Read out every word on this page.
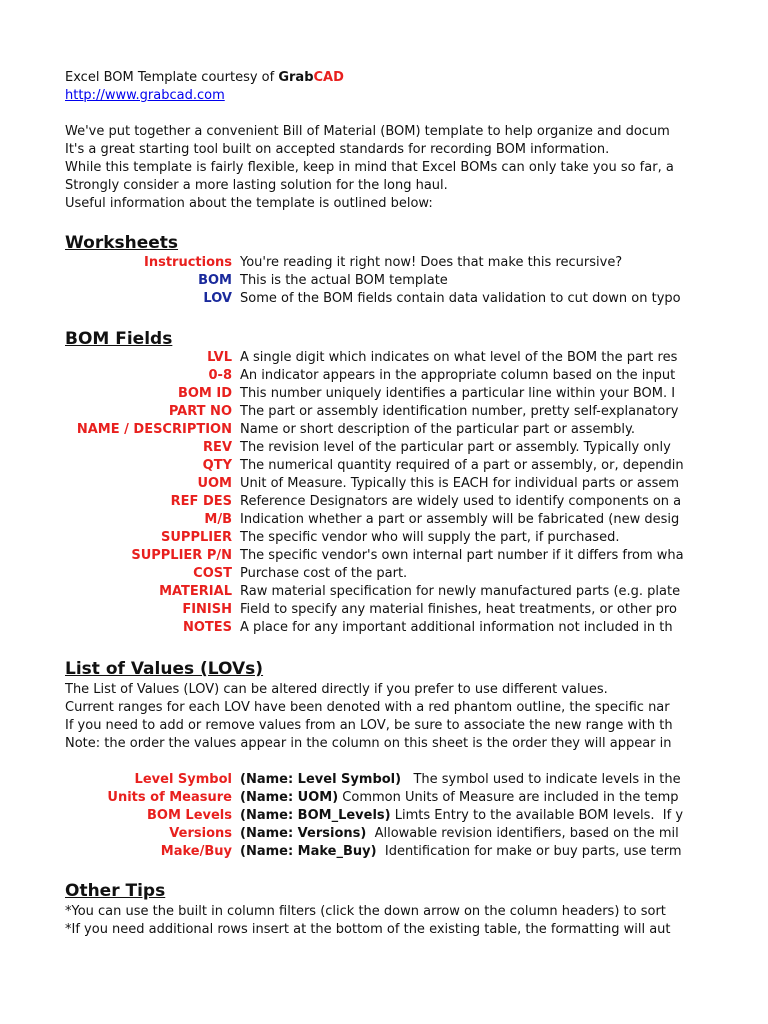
Excel BOM Template courtesy of GrabCAD
http://www.grabcad.com
We've put together a convenient Bill of Material (BOM) template to help organize and docum
It's a great starting tool built on accepted standards for recording BOM information.
While this template is fairly flexible, keep in mind that Excel BOMs can only take you so far, a
Strongly consider a more lasting solution for the long haul.
Useful information about the template is outlined below:
Worksheets
Instructions You're reading it right now! Does that make this recursive?
BOM This is the actual BOM template
LOV Some of the BOM fields contain data validation to cut down on typo
BOM Fields
LVL A single digit which indicates on what level of the BOM the part res
0-8 An indicator appears in the appropriate column based on the input
BOM ID This number uniquely identifies a particular line within your BOM. I
PART NO The part or assembly identification number, pretty self-explanatory
NAME / DESCRIPTION Name or short description of the particular part or assembly.
REV The revision level of the particular part or assembly. Typically only
QTY The numerical quantity required of a part or assembly, or, dependin
UOM Unit of Measure. Typically this is EACH for individual parts or assem
REF DES Reference Designators are widely used to identify components on a
M/B Indication whether a part or assembly will be fabricated (new desig
SUPPLIER The specific vendor who will supply the part, if purchased.
SUPPLIER P/N The specific vendor's own internal part number if it differs from wha
COST Purchase cost of the part.
MATERIAL Raw material specification for newly manufactured parts (e.g. plate
FINISH Field to specify any material finishes, heat treatments, or other pro
NOTES A place for any important additional information not included in th
List of Values (LOVs)
The List of Values (LOV) can be altered directly if you prefer to use different values.
Current ranges for each LOV have been denoted with a red phantom outline, the specific nar
If you need to add or remove values from an LOV, be sure to associate the new range with th
Note: the order the values appear in the column on this sheet is the order they will appear in
Level Symbol (Name: Level Symbol)   The symbol used to indicate levels in the
Units of Measure (Name: UOM) Common Units of Measure are included in the temp
BOM Levels (Name: BOM_Levels) Limts Entry to the available BOM levels.  If y
Versions (Name: Versions)  Allowable revision identifiers, based on the mil
Make/Buy (Name: Make_Buy)  Identification for make or buy parts, use term
Other Tips
*You can use the built in column filters (click the down arrow on the column headers) to sort
*If you need additional rows insert at the bottom of the existing table, the formatting will aut
